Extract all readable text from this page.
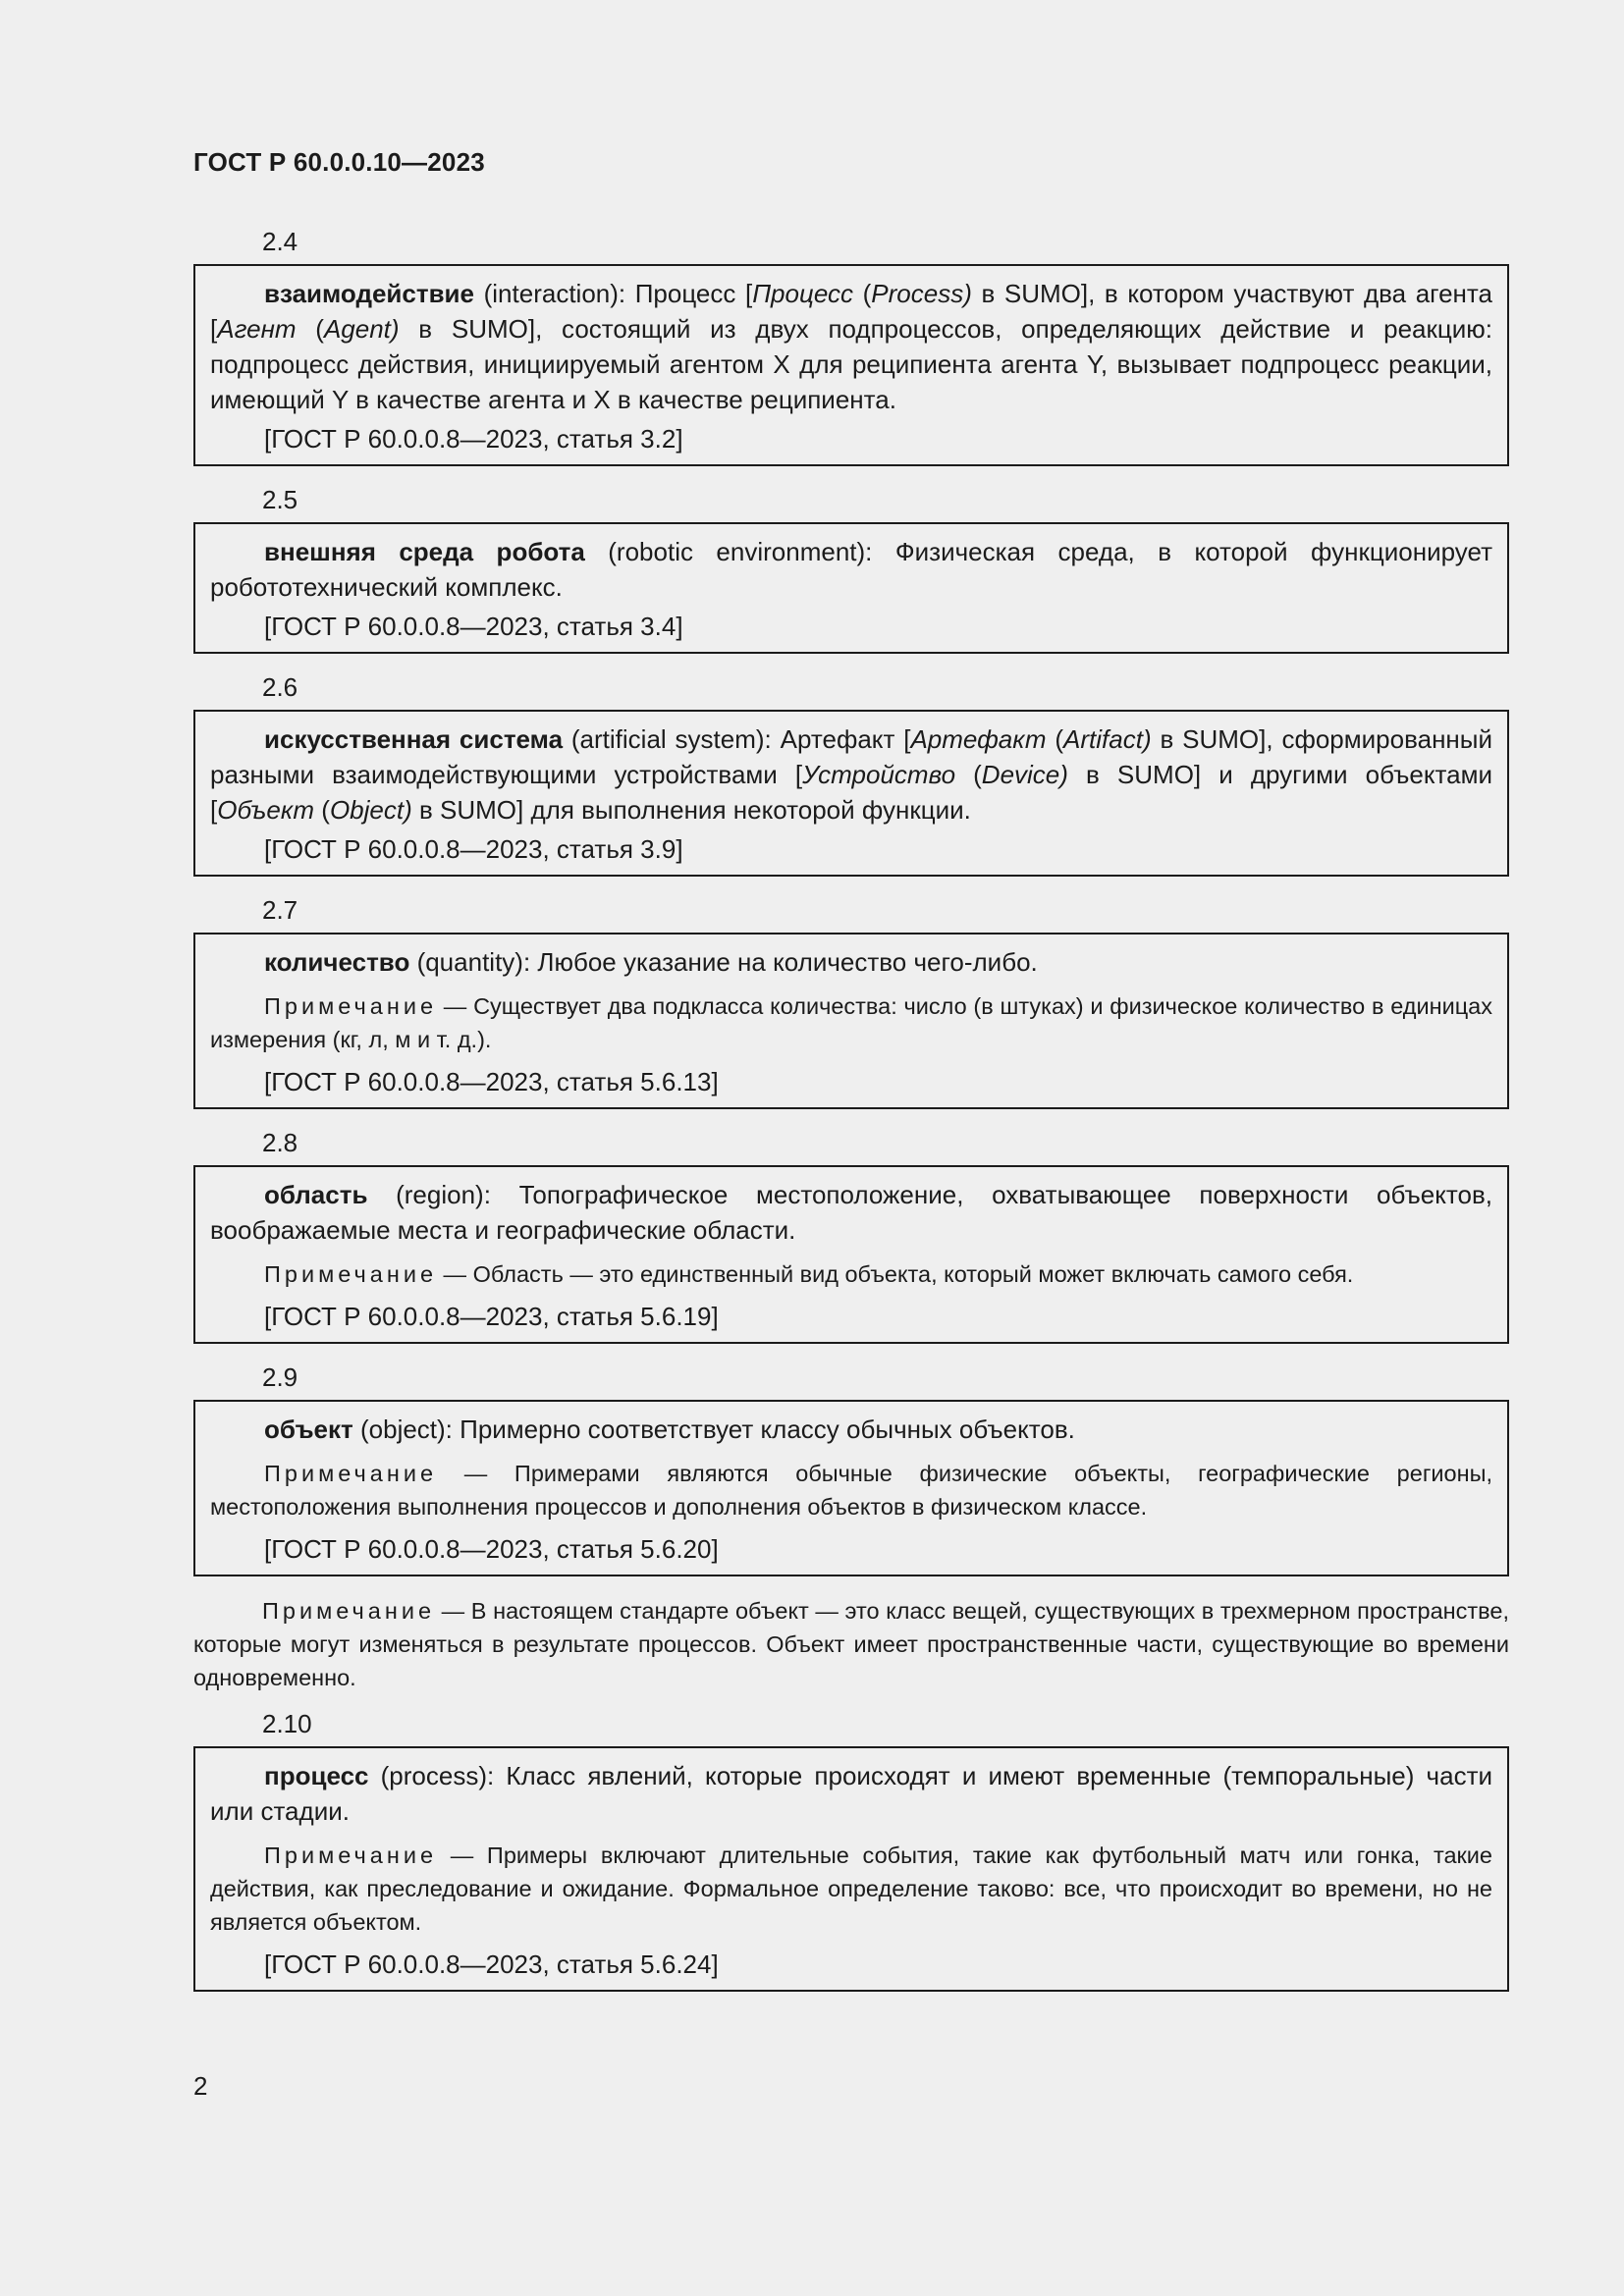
ГОСТ Р 60.0.0.10—2023
2.4
взаимодействие (interaction): Процесс [Процесс (Process) в SUMO], в котором участвуют два агента [Агент (Agent) в SUMO], состоящий из двух подпроцессов, определяющих действие и реакцию: подпроцесс действия, инициируемый агентом X для реципиента агента Y, вызывает подпроцесс реакции, имеющий Y в качестве агента и X в качестве реципиента.
[ГОСТ Р 60.0.0.8—2023, статья 3.2]
2.5
внешняя среда робота (robotic environment): Физическая среда, в которой функционирует робототехнический комплекс.
[ГОСТ Р 60.0.0.8—2023, статья 3.4]
2.6
искусственная система (artificial system): Артефакт [Артефакт (Artifact) в SUMO], сформированный разными взаимодействующими устройствами [Устройство (Device) в SUMO] и другими объектами [Объект (Object) в SUMO] для выполнения некоторой функции.
[ГОСТ Р 60.0.0.8—2023, статья 3.9]
2.7
количество (quantity): Любое указание на количество чего-либо.
Примечание — Существует два подкласса количества: число (в штуках) и физическое количество в единицах измерения (кг, л, м и т. д.).
[ГОСТ Р 60.0.0.8—2023, статья 5.6.13]
2.8
область (region): Топографическое местоположение, охватывающее поверхности объектов, воображаемые места и географические области.
Примечание — Область — это единственный вид объекта, который может включать самого себя.
[ГОСТ Р 60.0.0.8—2023, статья 5.6.19]
2.9
объект (object): Примерно соответствует классу обычных объектов.
Примечание — Примерами являются обычные физические объекты, географические регионы, местоположения выполнения процессов и дополнения объектов в физическом классе.
[ГОСТ Р 60.0.0.8—2023, статья 5.6.20]
Примечание — В настоящем стандарте объект — это класс вещей, существующих в трехмерном пространстве, которые могут изменяться в результате процессов. Объект имеет пространственные части, существующие во времени одновременно.
2.10
процесс (process): Класс явлений, которые происходят и имеют временные (темпоральные) части или стадии.
Примечание — Примеры включают длительные события, такие как футбольный матч или гонка, такие действия, как преследование и ожидание. Формальное определение таково: все, что происходит во времени, но не является объектом.
[ГОСТ Р 60.0.0.8—2023, статья 5.6.24]
2
